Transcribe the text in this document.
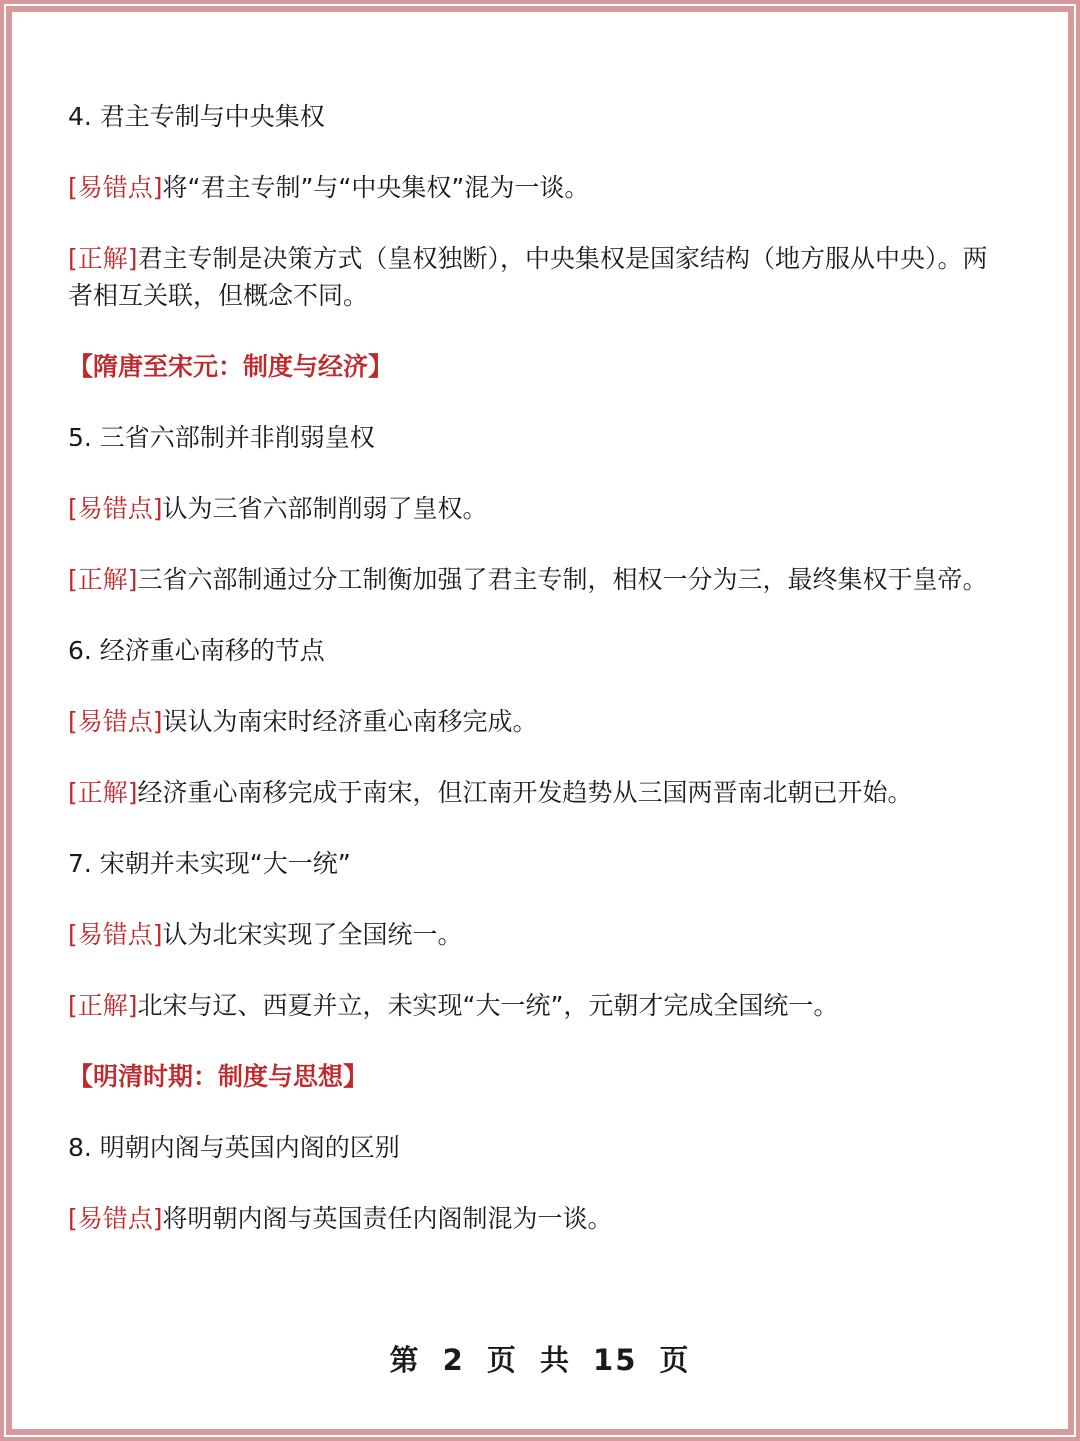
4. 君主专制与中央集权

[易错点]将“君主专制”与“中央集权”混为一谈。

[正解]君主专制是决策方式（皇权独断），中央集权是国家结构（地方服从中央）。两者相互关联，但概念不同。

【隋唐至宋元：制度与经济】

5. 三省六部制并非削弱皇权

[易错点]认为三省六部制削弱了皇权。

[正解]三省六部制通过分工制衡加强了君主专制，相权一分为三，最终集权于皇帝。

6. 经济重心南移的节点

[易错点]误认为南宋时经济重心南移完成。

[正解]经济重心南移完成于南宋，但江南开发趋势从三国两晋南北朝已开始。

7. 宋朝并未实现“大一统”

[易错点]认为北宋实现了全国统一。

[正解]北宋与辽、西夏并立，未实现“大一统”，元朝才完成全国统一。

【明清时期：制度与思想】

8. 明朝内阁与英国内阁的区别

[易错点]将明朝内阁与英国责任内阁制混为一谈。

第 2 页 共 15 页
